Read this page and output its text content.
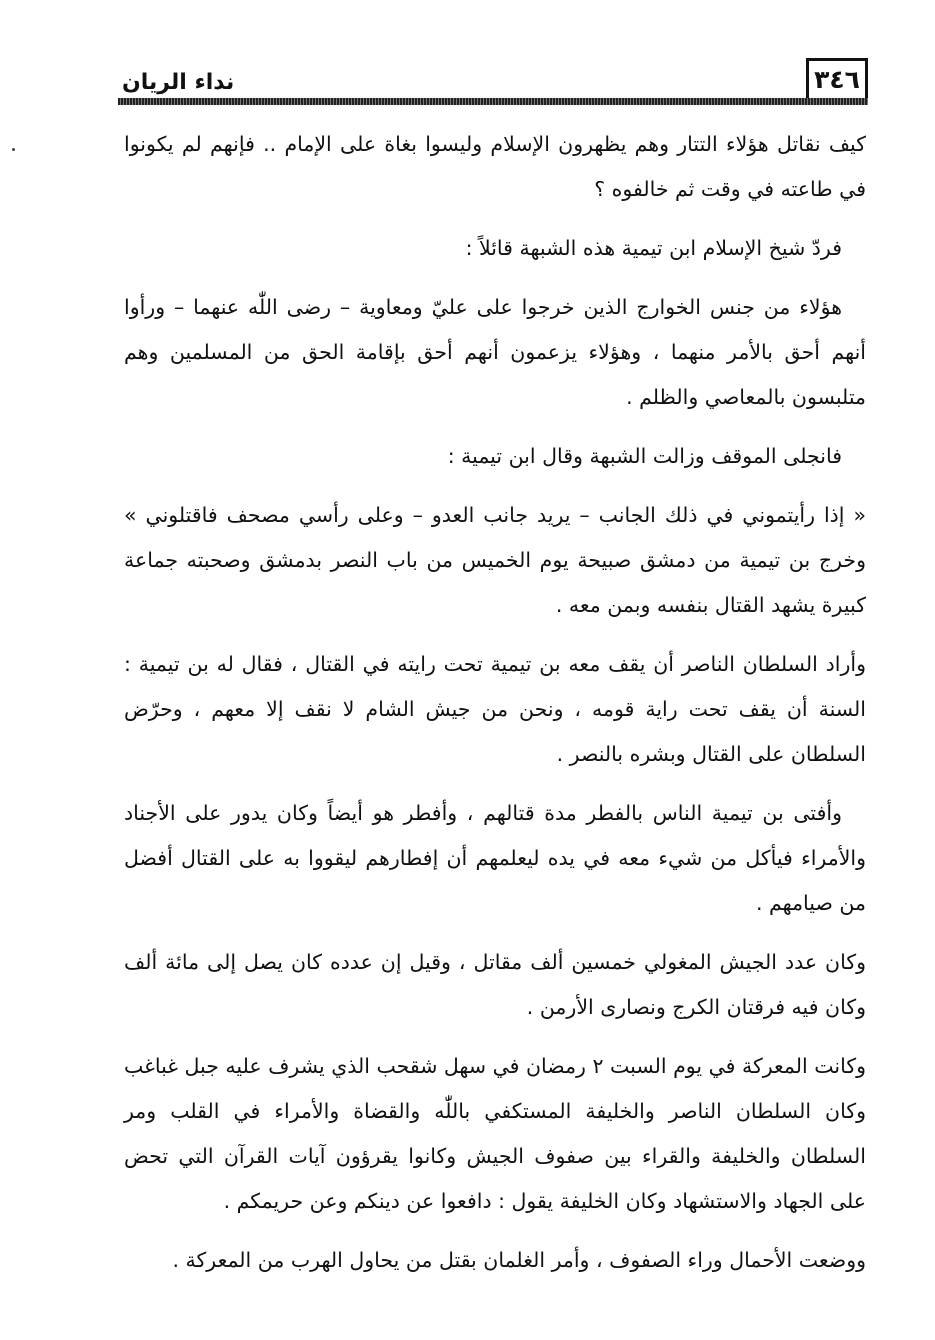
٣٤٦
نداء الريان

كيف نقاتل هؤلاء التتار وهم يظهرون الإسلام وليسوا بغاة على الإمام .. فإنهم لم يكونوا في طاعته في وقت ثم خالفوه ؟

فردّ شيخ الإسلام ابن تيمية هذه الشبهة قائلاً :

هؤلاء من جنس الخوارج الذين خرجوا على عليّ ومعاوية – رضى اللّٰه عنهما – ورأوا أنهم أحق بالأمر منهما ، وهؤلاء يزعمون أنهم أحق بإقامة الحق من المسلمين وهم متلبسون بالمعاصي والظلم .

فانجلى الموقف وزالت الشبهة وقال ابن تيمية :

« إذا رأيتموني في ذلك الجانب – يريد جانب العدو – وعلى رأسي مصحف فاقتلوني » وخرج بن تيمية من دمشق صبيحة يوم الخميس من باب النصر بدمشق وصحبته جماعة كبيرة يشهد القتال بنفسه وبمن معه .

وأراد السلطان الناصر أن يقف معه بن تيمية تحت رايته في القتال ، فقال له بن تيمية : السنة أن يقف تحت راية قومه ، ونحن من جيش الشام لا نقف إلا معهم ، وحرّض السلطان على القتال وبشره بالنصر .

وأفتى بن تيمية الناس بالفطر مدة قتالهم ، وأفطر هو أيضاً وكان يدور على الأجناد والأمراء فيأكل من شيء معه في يده ليعلمهم أن إفطارهم ليقووا به على القتال أفضل من صيامهم .

وكان عدد الجيش المغولي خمسين ألف مقاتل ، وقيل إن عدده كان يصل إلى مائة ألف وكان فيه فرقتان الكرج ونصارى الأرمن .

وكانت المعركة في يوم السبت ٢ رمضان في سهل شقحب الذي يشرف عليه جبل غباغب وكان السلطان الناصر والخليفة المستكفي باللّٰه والقضاة والأمراء في القلب ومر السلطان والخليفة والقراء بين صفوف الجيش وكانوا يقرؤون آيات القرآن التي تحض على الجهاد والاستشهاد وكان الخليفة يقول : دافعوا عن دينكم وعن حريمكم .

ووضعت الأحمال وراء الصفوف ، وأمر الغلمان بقتل من يحاول الهرب من المعركة .
